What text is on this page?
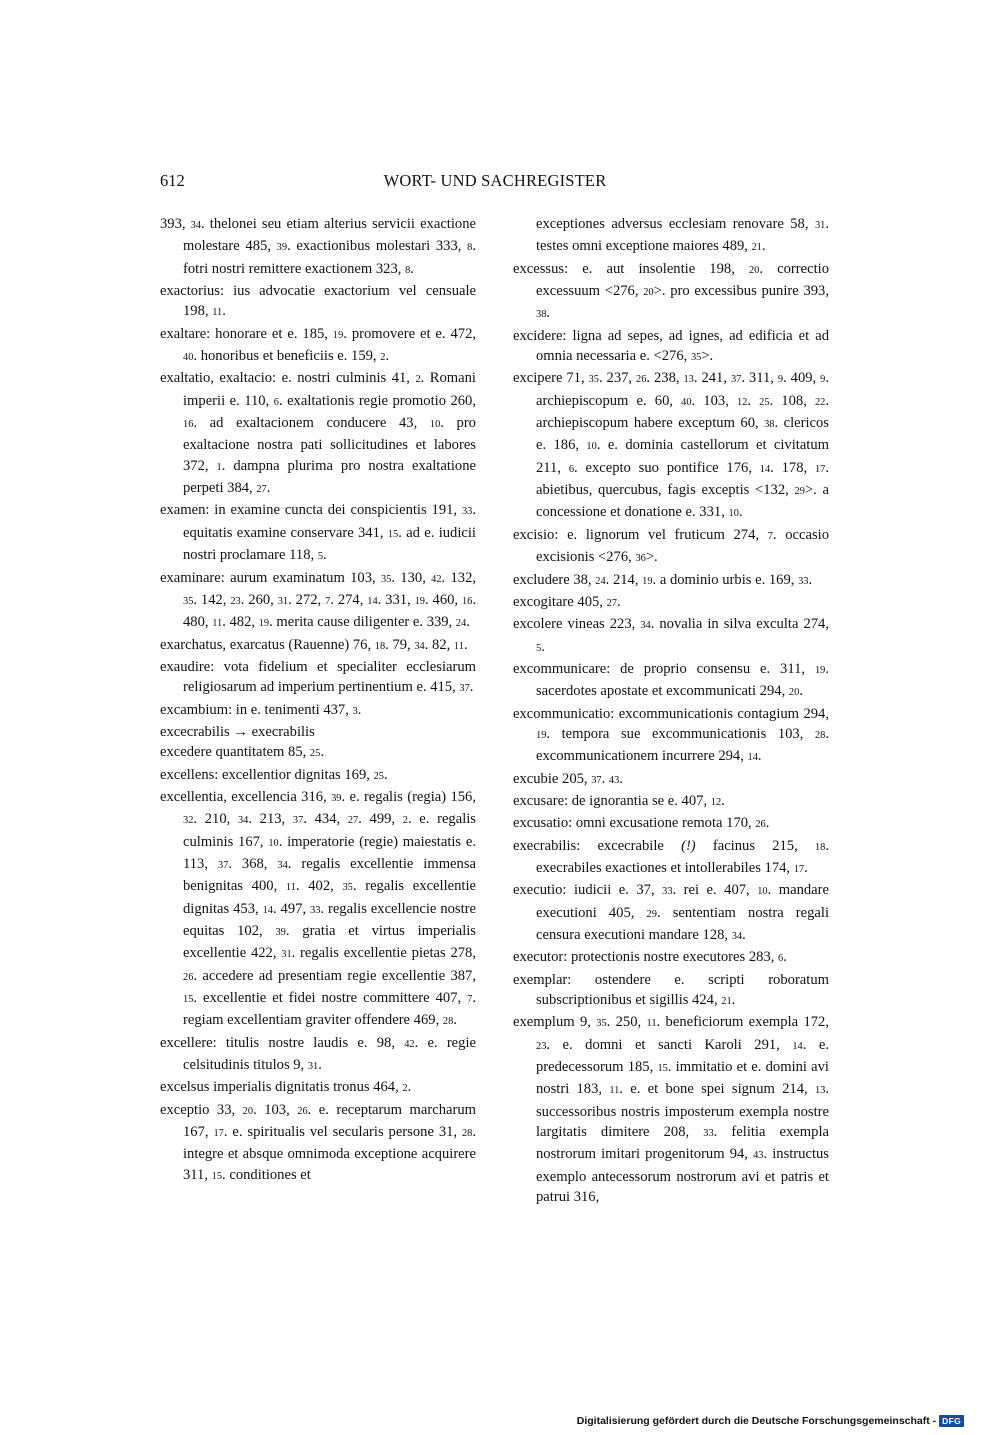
612	WORT- UND SACHREGISTER

393, 34. thelonei seu etiam alterius servicii exactione molestare 485, 39. exactionibus molestari 333, 8. fotri nostri remittere exactionem 323, 8.

exactorius: ius advocatie exactorium vel censuale 198, 11.

exaltare: honorare et e. 185, 19. promovere et e. 472, 40. honoribus et beneficiis e. 159, 2.

exaltatio, exaltacio: e. nostri culminis 41, 2. Romani imperii e. 110, 6. exaltationis regie promotio 260, 16. ad exaltacionem conducere 43, 10. pro exaltacione nostra pati sollicitudines et labores 372, 1. dampna plurima pro nostra exaltatione perpeti 384, 27.

examen: in examine cuncta dei conspicientis 191, 33. equitatis examine conservare 341, 15. ad e. iudicii nostri proclamare 118, 5.

examinare: aurum examinatum 103, 35. 130, 42. 132, 35. 142, 23. 260, 31. 272, 7. 274, 14. 331, 19. 460, 16. 480, 11. 482, 19. merita cause diligenter e. 339, 24.

exarchatus, exarcatus (Rauenne) 76, 18. 79, 34. 82, 11.

exaudire: vota fidelium et specialiter ecclesiarum religiosarum ad imperium pertinentium e. 415, 37.

excambium: in e. tenimenti 437, 3.

excecrabilis → execrabilis

excedere quantitatem 85, 25.

excellens: excellentior dignitas 169, 25.

excellentia, excellencia 316, 39. e. regalis (regia) 156, 32. 210, 34. 213, 37. 434, 27. 499, 2. e. regalis culminis 167, 10. imperatorie (regie) maiestatis e. 113, 37. 368, 34. regalis excellentie immensa benignitas 400, 11. 402, 35. regalis excellentie dignitas 453, 14. 497, 33. regalis excellencie nostre equitas 102, 39. gratia et virtus imperialis excellentie 422, 31. regalis excellentie pietas 278, 26. accedere ad presentiam regie excellentie 387, 15. excellentie et fidei nostre committere 407, 7. regiam excellentiam graviter offendere 469, 28.

excellere: titulis nostre laudis e. 98, 42. e. regie celsitudinis titulos 9, 31.

excelsus imperialis dignitatis tronus 464, 2.

exceptio 33, 20. 103, 26. e. receptarum marcharum 167, 17. e. spiritualis vel secularis persone 31, 28. integre et absque omnimoda exceptione acquirere 311, 15. conditiones et

exceptiones adversus ecclesiam renovare 58, 31. testes omni exceptione maiores 489, 21.

excessus: e. aut insolentie 198, 20. correctio excessuum <276, 20>. pro excessibus punire 393, 38.

excidere: ligna ad sepes, ad ignes, ad edificia et ad omnia necessaria e. <276, 35>.

excipere 71, 35. 237, 26. 238, 13. 241, 37. 311, 9. 409, 9. archiepiscopum e. 60, 40. 103, 12. 25. 108, 22. archiepiscopum habere exceptum 60, 38. clericos e. 186, 10. e. dominia castellorum et civitatum 211, 6. excepto suo pontifice 176, 14. 178, 17. abietibus, quercubus, fagis exceptis <132, 29>. a concessione et donatione e. 331, 10.

excisio: e. lignorum vel fruticum 274, 7. occasio excisionis <276, 36>.

excludere 38, 24. 214, 19. a dominio urbis e. 169, 33.

excogitare 405, 27.

excolere vineas 223, 34. novalia in silva exculta 274, 5.

excommunicare: de proprio consensu e. 311, 19. sacerdotes apostate et excommunicati 294, 20.

excommunicatio: excommunicationis contagium 294, 19. tempora sue excommunicationis 103, 28. excommunicationem incurrere 294, 14.

excubie 205, 37. 43.

excusare: de ignorantia se e. 407, 12.

excusatio: omni excusatione remota 170, 26.

execrabilis: excecrabile (!) facinus 215, 18. execrabiles exactiones et intollerabiles 174, 17.

executio: iudicii e. 37, 33. rei e. 407, 10. mandare executioni 405, 29. sententiam nostra regali censura executioni mandare 128, 34.

executor: protectionis nostre executores 283, 6.

exemplar: ostendere e. scripti roboratum subscriptionibus et sigillis 424, 21.

exemplum 9, 35. 250, 11. beneficiorum exempla 172, 23. e. domni et sancti Karoli 291, 14. e. predecessorum 185, 15. immitatio et e. domini avi nostri 183, 11. e. et bone spei signum 214, 13. successoribus nostris imposterum exempla nostre largitatis dimitere 208, 33. felitia exempla nostrorum imitari progenitorum 94, 43. instructus exemplo antecessorum nostrorum avi et patris et patrui 316,

Digitalisierung gefördert durch die Deutsche Forschungsgemeinschaft - DFG
